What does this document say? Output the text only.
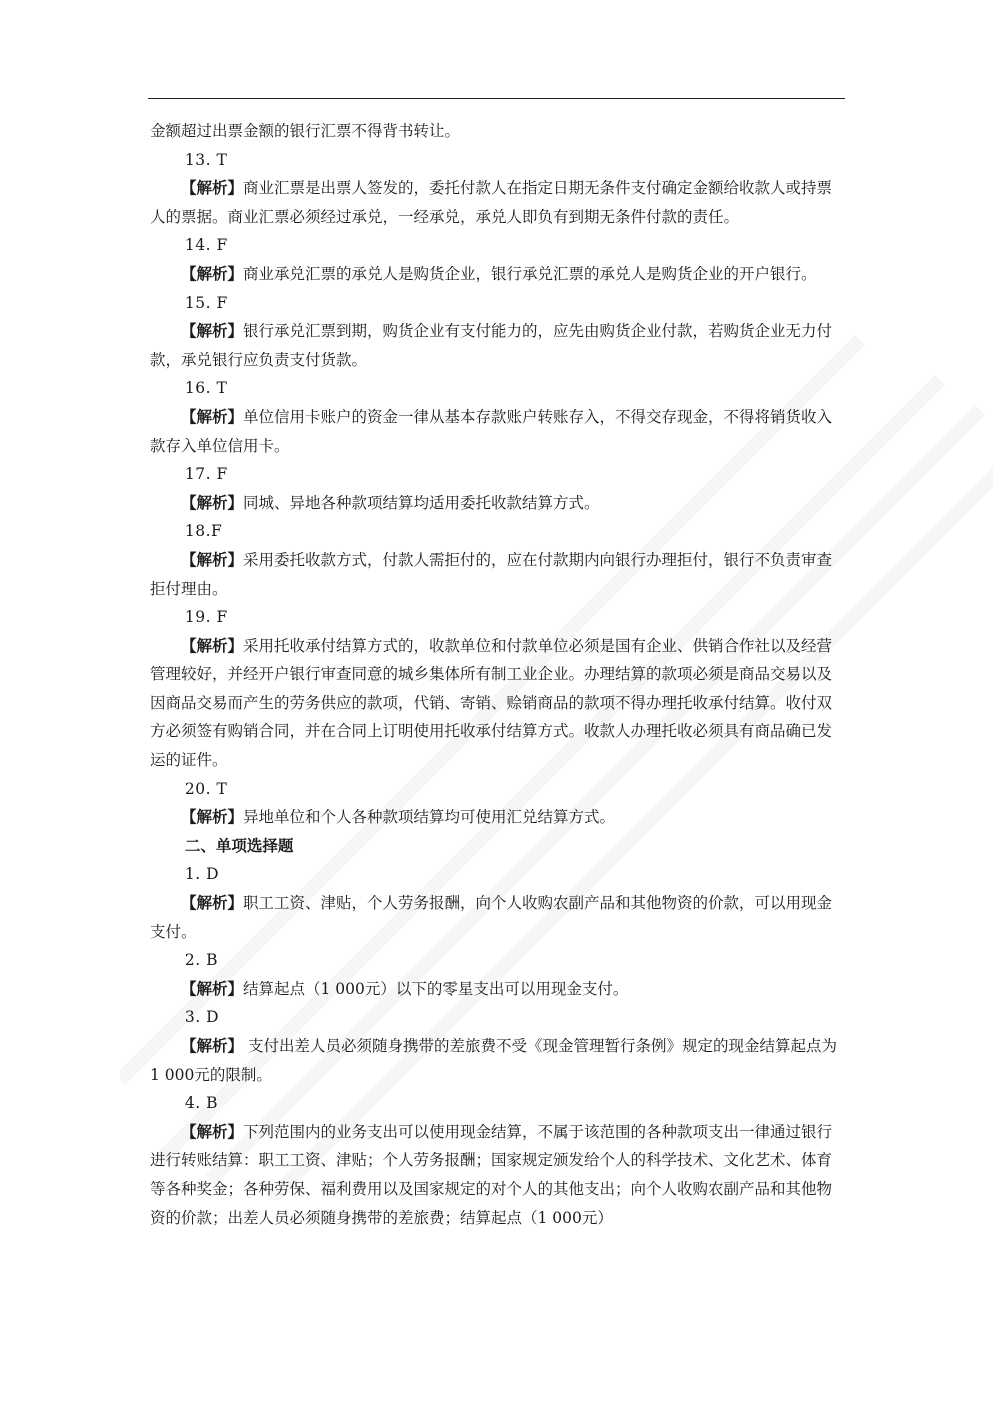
金额超过出票金额的银行汇票不得背书转让。

13. T

【解析】商业汇票是出票人签发的，委托付款人在指定日期无条件支付确定金额给收款人或持票人的票据。商业汇票必须经过承兑，一经承兑，承兑人即负有到期无条件付款的责任。

14. F

【解析】商业承兑汇票的承兑人是购货企业，银行承兑汇票的承兑人是购货企业的开户银行。

15. F

【解析】银行承兑汇票到期，购货企业有支付能力的，应先由购货企业付款，若购货企业无力付款，承兑银行应负责支付货款。

16. T

【解析】单位信用卡账户的资金一律从基本存款账户转账存入，不得交存现金，不得将销货收入款存入单位信用卡。

17. F

【解析】同城、异地各种款项结算均适用委托收款结算方式。

18.F

【解析】采用委托收款方式，付款人需拒付的，应在付款期内向银行办理拒付，银行不负责审查拒付理由。

19. F

【解析】采用托收承付结算方式的，收款单位和付款单位必须是国有企业、供销合作社以及经营管理较好，并经开户银行审查同意的城乡集体所有制工业企业。办理结算的款项必须是商品交易以及因商品交易而产生的劳务供应的款项，代销、寄销、赊销商品的款项不得办理托收承付结算。收付双方必须签有购销合同，并在合同上订明使用托收承付结算方式。收款人办理托收必须具有商品确已发运的证件。

20. T

【解析】异地单位和个人各种款项结算均可使用汇兑结算方式。

二、单项选择题

1. D

【解析】职工工资、津贴，个人劳务报酬，向个人收购农副产品和其他物资的价款，可以用现金支付。

2. B

【解析】结算起点（1 000元）以下的零星支出可以用现金支付。

3. D

【解析】 支付出差人员必须随身携带的差旅费不受《现金管理暂行条例》规定的现金结算起点为1 000元的限制。

4. B

【解析】下列范围内的业务支出可以使用现金结算，不属于该范围的各种款项支出一律通过银行进行转账结算：职工工资、津贴；个人劳务报酬；国家规定颁发给个人的科学技术、文化艺术、体育等各种奖金；各种劳保、福利费用以及国家规定的对个人的其他支出；向个人收购农副产品和其他物资的价款；出差人员必须随身携带的差旅费；结算起点（1 000元）
